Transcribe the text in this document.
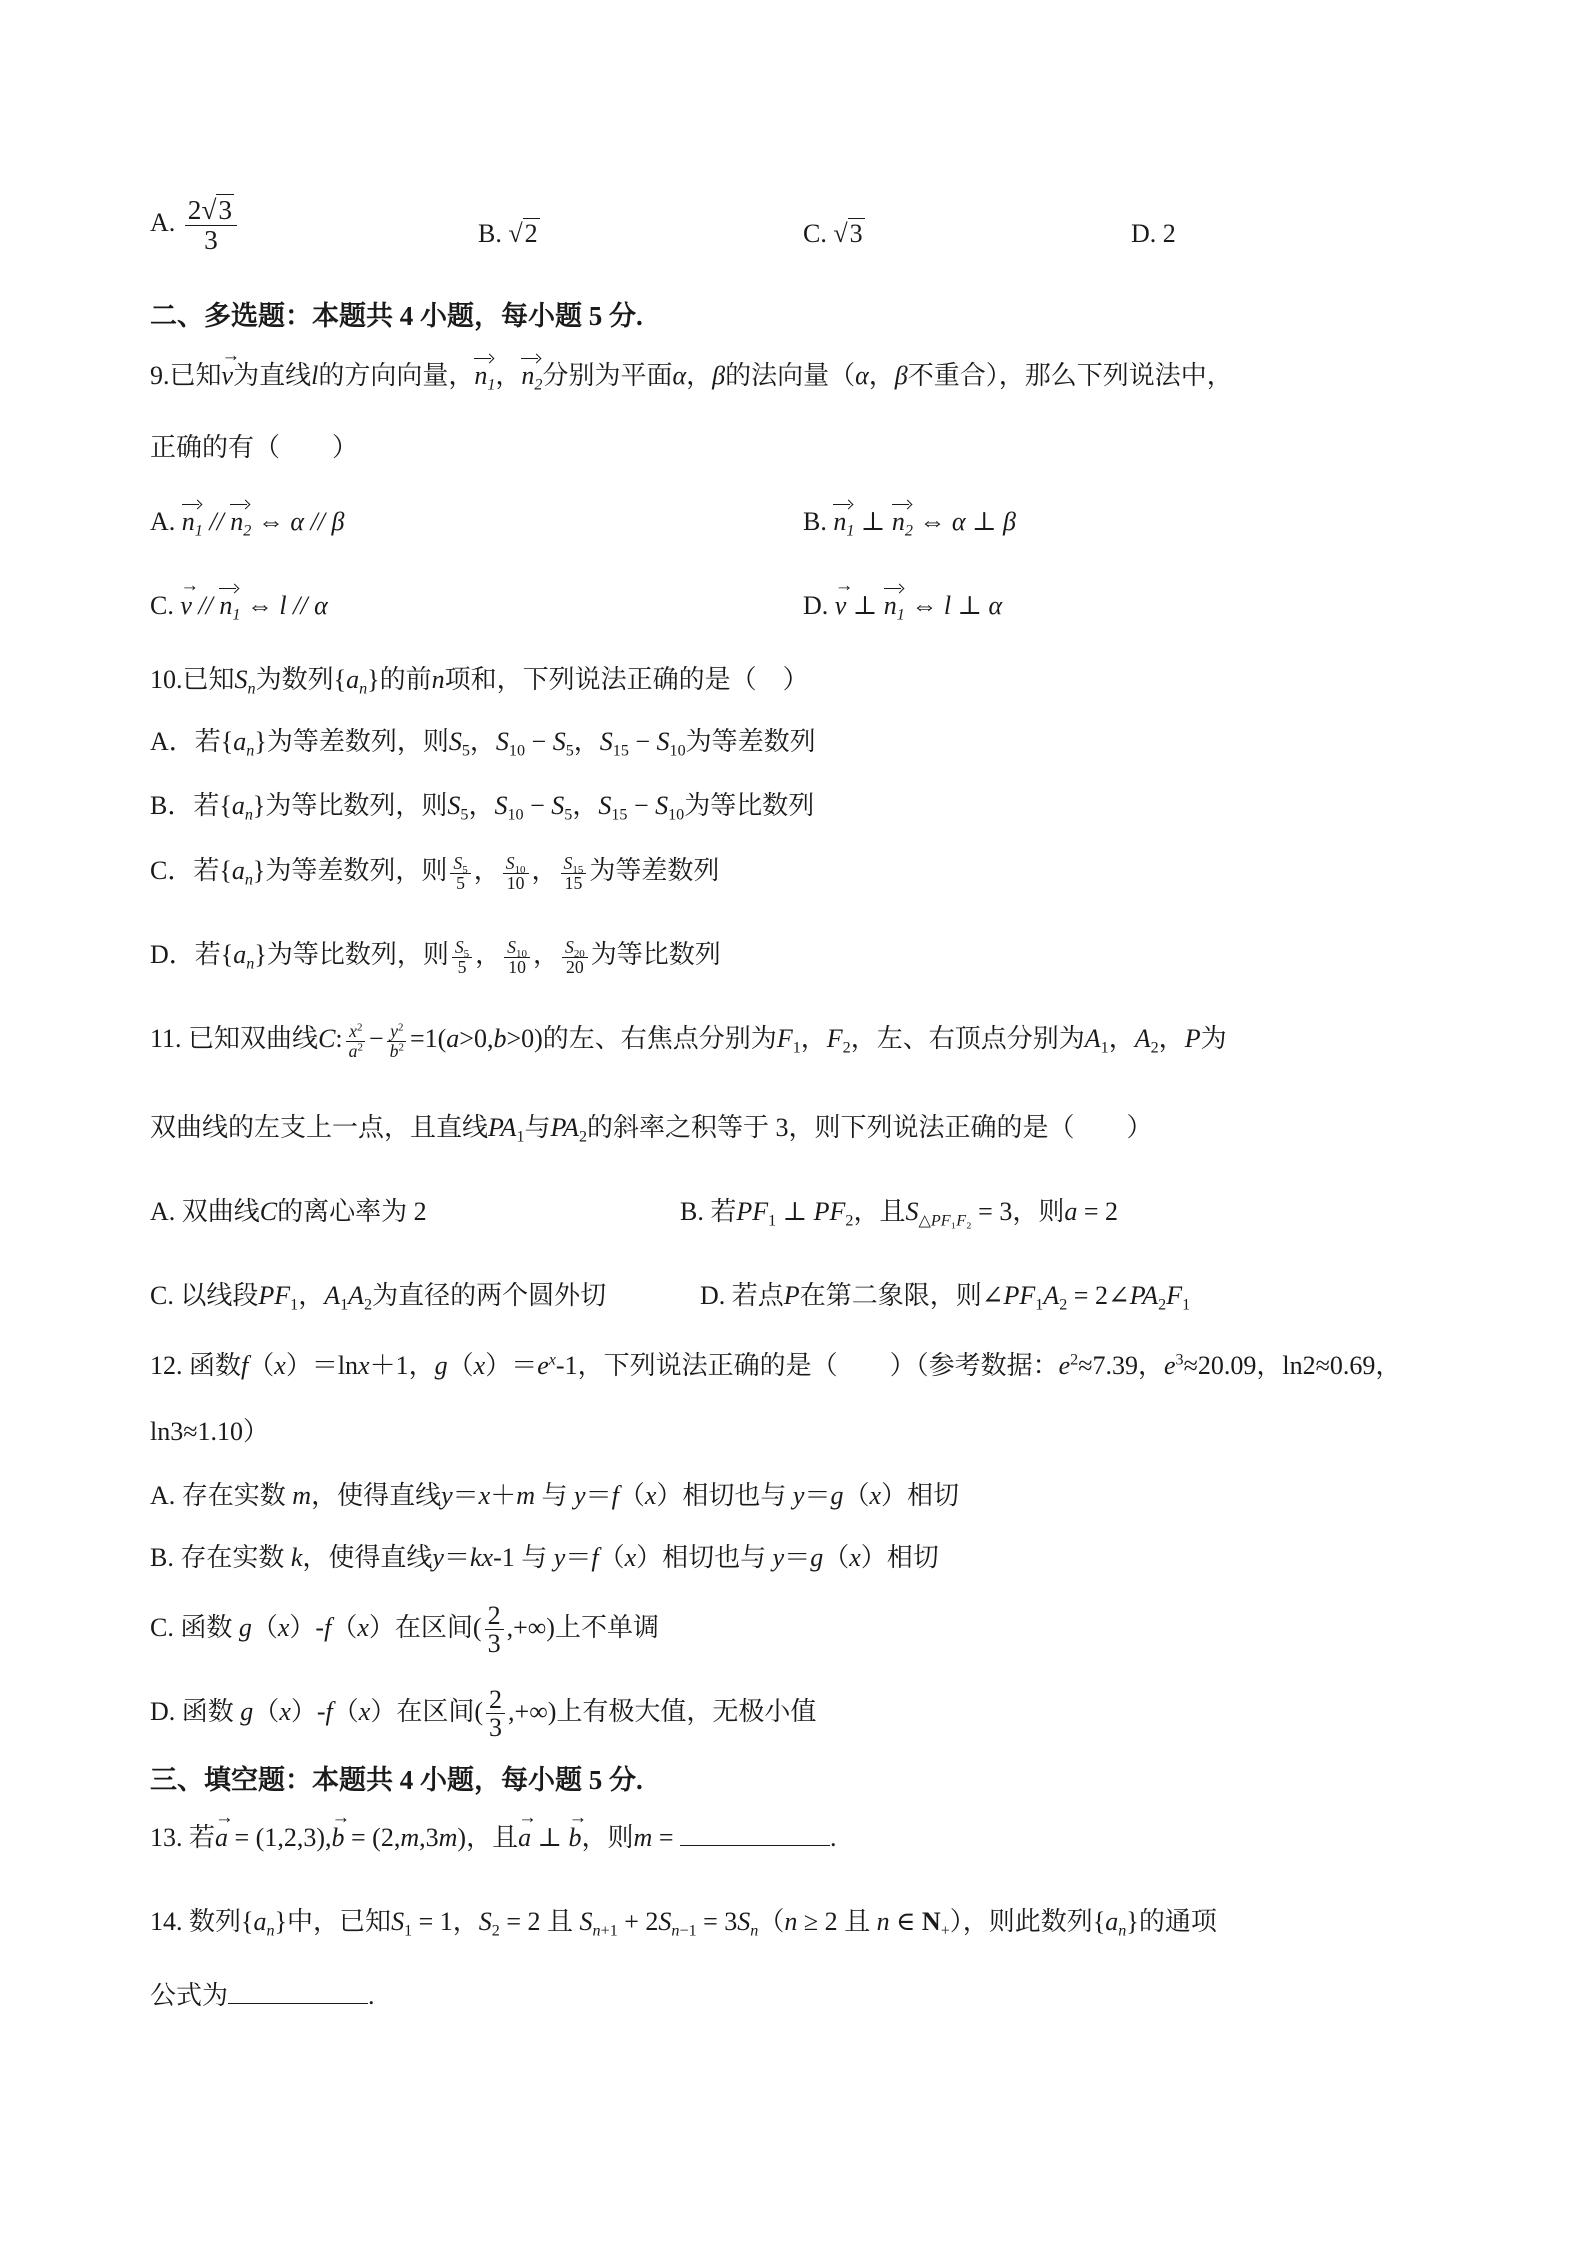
A. $\frac{2√3}{3}$	B. √2	C. √3	D. 2
二、多选题：本题共 4 小题，每小题 5 分.
9.已知→ v为直线l的方向向量，$n_1$，$n_2$分别为平面α，β的法向量（α，β不重合），那么下列说法中，
正确的有（　　）
A. $n_1 // n_2$ ⇔ α // β	B. $n_1$ ⊥ $n_2$ ⇔ α ⊥ β
C. → v // $n_1$ ⇔ l // α	D. → v ⊥ $n_1$ ⇔ l ⊥ α
10.已知$S_n$为数列$\{a_n\}$的前n项和，下列说法正确的是（　）
A．若$\{a_n\}$为等差数列，则$S_5$，$S_{10} - S_5$，$S_{15} - S_{10}$为等差数列
B．若$\{a_n\}$为等比数列，则$S_5$，$S_{10} - S_5$，$S_{15} - S_{10}$为等比数列
C．若$\{a_n\}$为等差数列，则 $\frac{S_5}{5}$ ， $\frac{S_{10}}{10}$ ， $\frac{S_{15}}{15}$ 为等差数列
D．若$\{a_n\}$为等比数列，则 $\frac{S_5}{5}$ ， $\frac{S_{10}}{10}$ ， $\frac{S_{20}}{20}$ 为等比数列
11. 已知双曲线C: $\frac{x^2}{a^2} - \frac{y^2}{b^2} =1(a>0,b>0)$的左、右焦点分别为$F_1$，$F_2$，左、右顶点分别为$A_1$，$A_2$，P为
双曲线的左支上一点，且直线$PA_1$与$PA_2$的斜率之积等于 3，则下列说法正确的是（　　）
A. 双曲线C的离心率为 2	B. 若$PF_1$ ⊥ $PF_2$，且$S_{\triangle PF_1F_2} = 3$，则a = 2
C. 以线段$PF_1$，$A_1A_2$为直径的两个圆外切	D. 若点P在第二象限，则$\angle PF_1A_2$ = $2\angle PA_2F_1$
12. 函数f（x）＝lnx＋1，$g(x)=e^x-1$，下列说法正确的是（　　）（参考数据：$e^2\approx 7.39$，$e^3\approx 20.09$，ln2≈0.69，
ln3≈1.10）
A. 存在实数 m，使得直线y＝x＋m 与 y＝f（x）相切也与 y＝g（x）相切
B. 存在实数 k，使得直线y＝kx-1 与 y＝f（x）相切也与 y＝g（x）相切
C. 函数 g（x）-f（x）在区间( $\frac{2}{3}$ ,+∞)上不单调
D. 函数 g（x）-f（x）在区间( $\frac{2}{3}$ ,+∞)上有极大值，无极小值
三、填空题：本题共 4 小题，每小题 5 分.
13. 若→ a = (1,2,3),→ b = (2,m,3m)，且→ a ⊥ → b，则m =	.
14. 数列$\{a_n\}$中，已知$S_1 = 1$，$S_2 = 2$ 且 $S_{n+1} + 2S_{n-1} = 3S_n(n \ge 2$ 且 n ∈ $N_+$），则此数列$\{a_n\}$的通项
公式为	.
